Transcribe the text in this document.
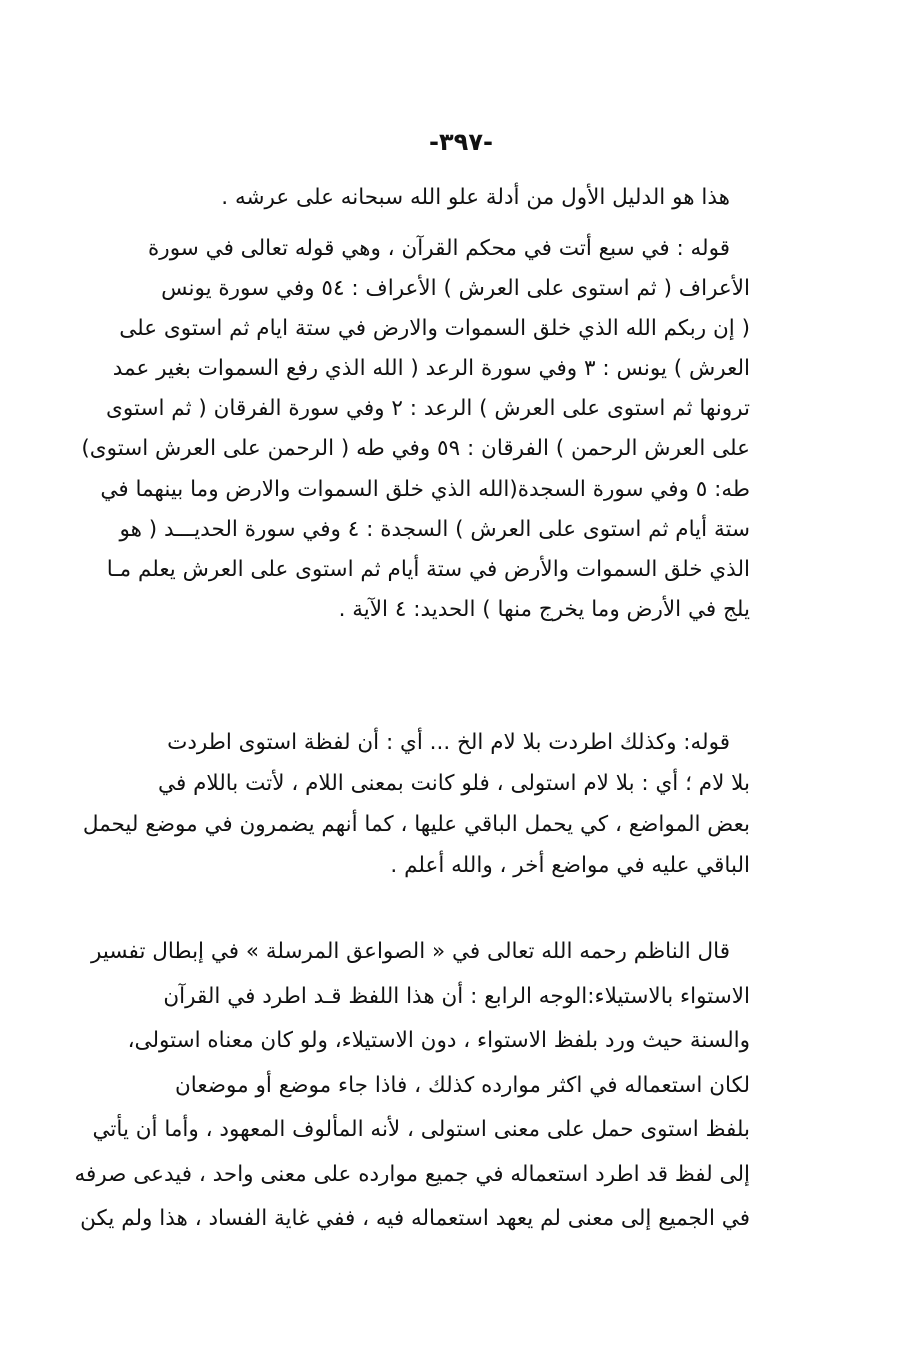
-٣٩٧-
هذا هو الدليل الأول من أدلة علو الله سبحانه على عرشه .
قوله : في سبع أتت في محكم القرآن ، وهي قوله تعالى في سورة
الأعراف ( ثم استوى على العرش ) الأعراف : ٥٤ وفي سورة يونس
( إن ربكم الله الذي خلق السموات والارض في ستة ايام ثم استوى على
العرش ) يونس : ٣ وفي سورة الرعد ( الله الذي رفع السموات بغير عمد
ترونها ثم استوى على العرش ) الرعد : ٢ وفي سورة الفرقان ( ثم استوى
على العرش الرحمن ) الفرقان : ٥٩ وفي طه ( الرحمن على العرش استوى)
طه: ٥ وفي سورة السجدة(الله الذي خلق السموات والارض وما بينهما في
ستة أيام ثم استوى على العرش ) السجدة : ٤ وفي سورة الحديـــد ( هو
الذي خلق السموات والأرض في ستة أيام ثم استوى على العرش يعلم مـا
يلج في الأرض وما يخرج منها ) الحديد: ٤ الآية .
قوله: وكذلك اطردت بلا لام الخ ... أي : أن لفظة استوى اطردت
بلا لام ؛ أي : بلا لام استولى ، فلو كانت بمعنى اللام ، لأتت باللام في
بعض المواضع ، كي يحمل الباقي عليها ، كما أنهم يضمرون في موضع ليحمل
الباقي عليه في مواضع أخر ، والله أعلم .
قال الناظم رحمه الله تعالى في « الصواعق المرسلة » في إبطال تفسير
الاستواء بالاستيلاء:الوجه الرابع : أن هذا اللفظ قـد اطرد في القرآن
والسنة حيث ورد بلفظ الاستواء ، دون الاستيلاء، ولو كان معناه استولى،
لكان استعماله في اكثر موارده كذلك ، فاذا جاء موضع أو موضعان
بلفظ استوى حمل على معنى استولى ، لأنه المألوف المعهود ، وأما أن يأتي
إلى لفظ قد اطرد استعماله في جميع موارده على معنى واحد ، فيدعى صرفه
في الجميع إلى معنى لم يعهد استعماله فيه ، ففي غاية الفساد ، هذا ولم يكن
